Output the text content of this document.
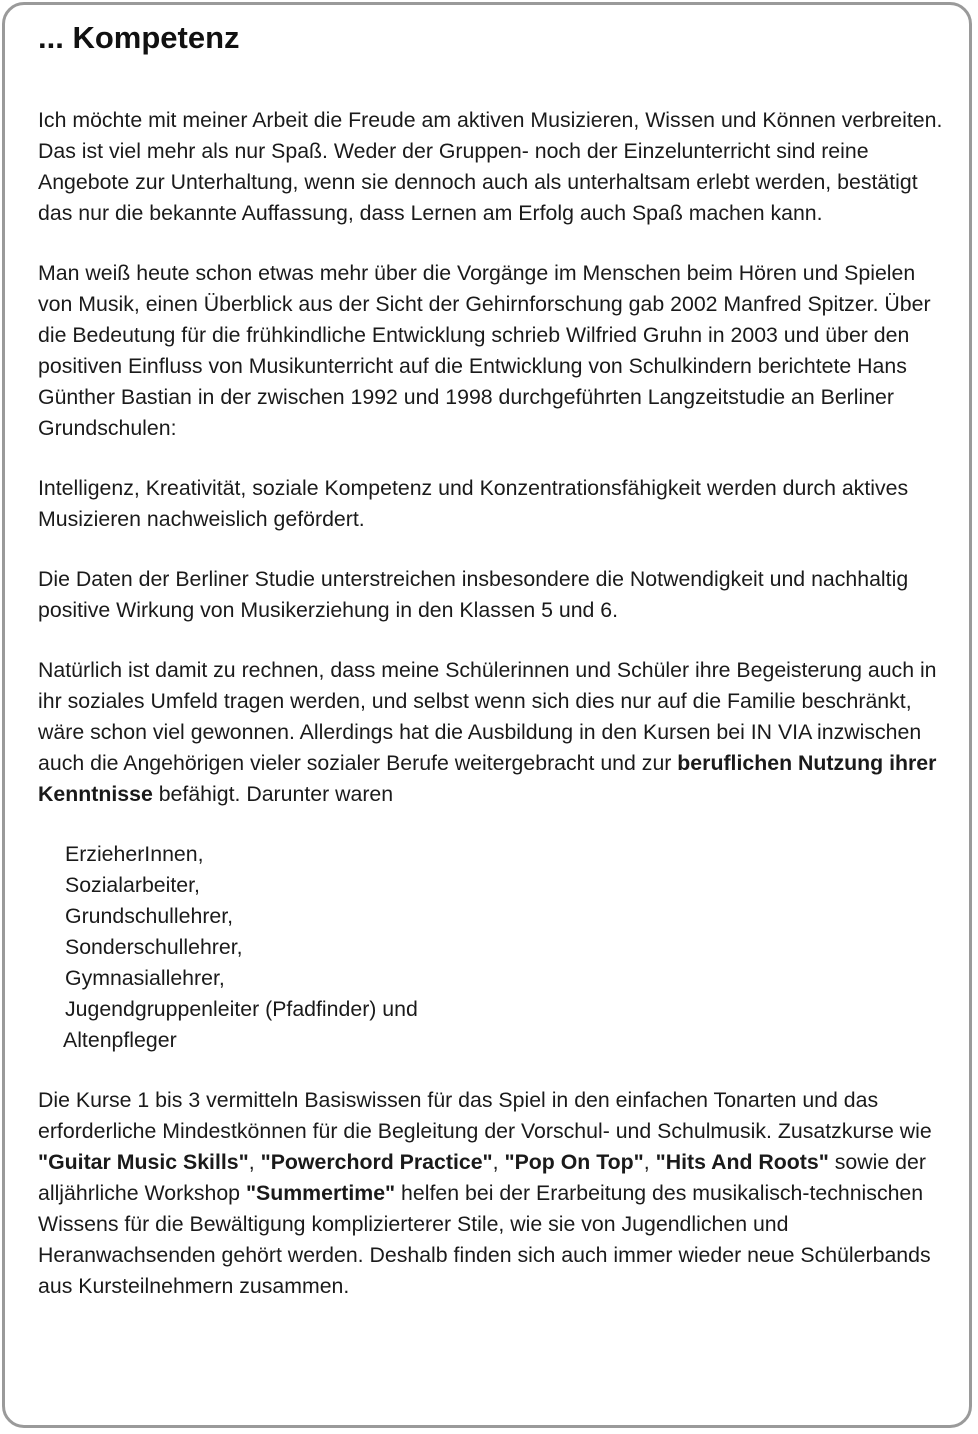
... Kompetenz

Ich möchte mit meiner Arbeit die Freude am aktiven Musizieren, Wissen und Können verbreiten. Das ist viel mehr als nur Spaß. Weder der Gruppen- noch der Einzelunterricht sind reine Angebote zur Unterhaltung, wenn sie dennoch auch als unterhaltsam erlebt werden, bestätigt das nur die bekannte Auffassung, dass Lernen am Erfolg auch Spaß machen kann.

Man weiß heute schon etwas mehr über die Vorgänge im Menschen beim Hören und Spielen von Musik, einen Überblick aus der Sicht der Gehirnforschung gab 2002 Manfred Spitzer. Über die Bedeutung für die frühkindliche Entwicklung schrieb Wilfried Gruhn in 2003 und über den positiven Einfluss von Musikunterricht auf die Entwicklung von Schulkindern berichtete Hans Günther Bastian in der zwischen 1992 und 1998 durchgeführten Langzeitstudie an Berliner Grundschulen:

Intelligenz, Kreativität, soziale Kompetenz und Konzentrationsfähigkeit werden durch aktives Musizieren nachweislich gefördert.

Die Daten der Berliner Studie unterstreichen insbesondere die Notwendigkeit und nachhaltig positive Wirkung von Musikerziehung in den Klassen 5 und 6.

Natürlich ist damit zu rechnen, dass meine Schülerinnen und Schüler ihre Begeisterung auch in ihr soziales Umfeld tragen werden, und selbst wenn sich dies nur auf die Familie beschränkt, wäre schon viel gewonnen. Allerdings hat die Ausbildung in den Kursen bei IN VIA inzwischen auch die Angehörigen vieler sozialer Berufe weitergebracht und zur beruflichen Nutzung ihrer Kenntnisse befähigt. Darunter waren

ErzieherInnen,
Sozialarbeiter,
Grundschullehrer,
Sonderschullehrer,
Gymnasiallehrer,
Jugendgruppenleiter (Pfadfinder) und
Altenpfleger

Die Kurse 1 bis 3 vermitteln Basiswissen für das Spiel in den einfachen Tonarten und das erforderliche Mindestkönnen für die Begleitung der Vorschul- und Schulmusik. Zusatzkurse wie "Guitar Music Skills", "Powerchord Practice", "Pop On Top", "Hits And Roots" sowie der alljährliche Workshop "Summertime" helfen bei der Erarbeitung des musikalisch-technischen Wissens für die Bewältigung komplizierterer Stile, wie sie von Jugendlichen und Heranwachsenden gehört werden. Deshalb finden sich auch immer wieder neue Schülerbands aus Kursteilnehmern zusammen.
